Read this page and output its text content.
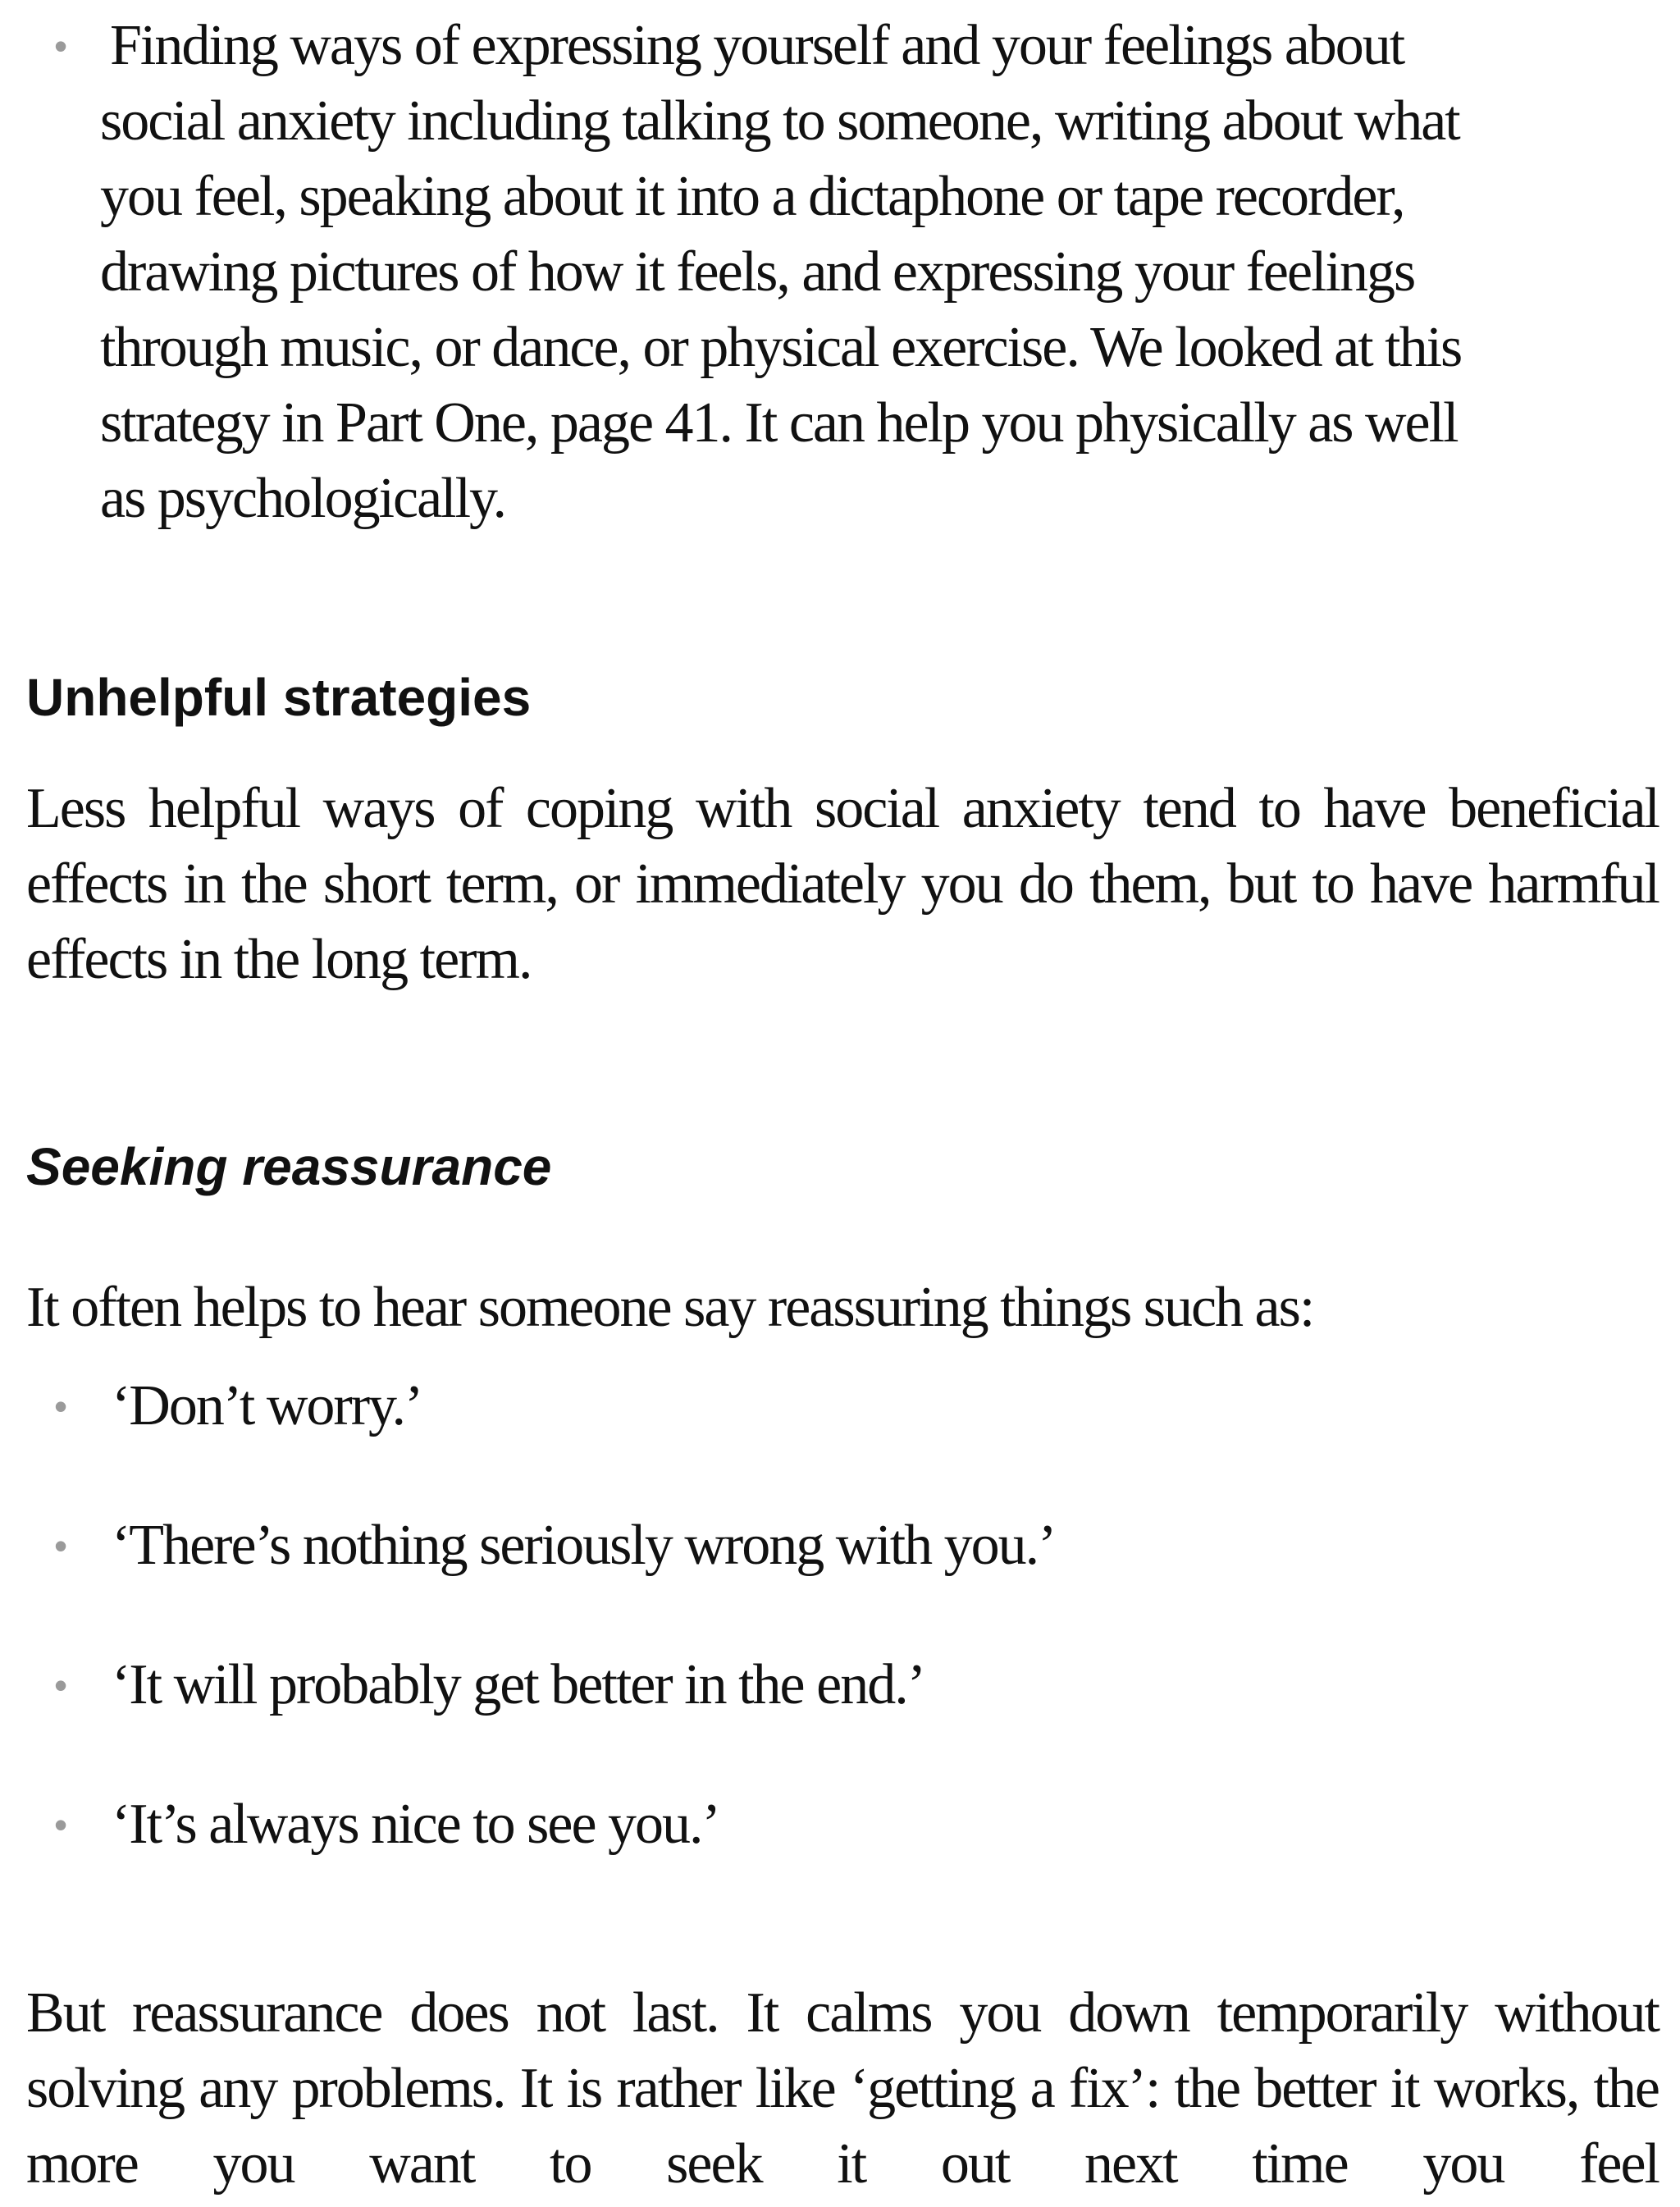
• Finding ways of expressing yourself and your feelings about
social anxiety including talking to someone, writing about what
you feel, speaking about it into a dictaphone or tape recorder,
drawing pictures of how it feels, and expressing your feelings
through music, or dance, or physical exercise. We looked at this
strategy in Part One, page 41. It can help you physically as well
as psychologically.
Unhelpful strategies
Less helpful ways of coping with social anxiety tend to have beneficial effects in the short term, or immediately you do them, but to have harmful effects in the long term.
Seeking reassurance
It often helps to hear someone say reassuring things such as:
• ‘Don’t worry.’
• ‘There’s nothing seriously wrong with you.’
• ‘It will probably get better in the end.’
• ‘It’s always nice to see you.’
But reassurance does not last. It calms you down temporarily without solving any problems. It is rather like ‘getting a fix’: the better it works, the more you want to seek it out next time you feel
